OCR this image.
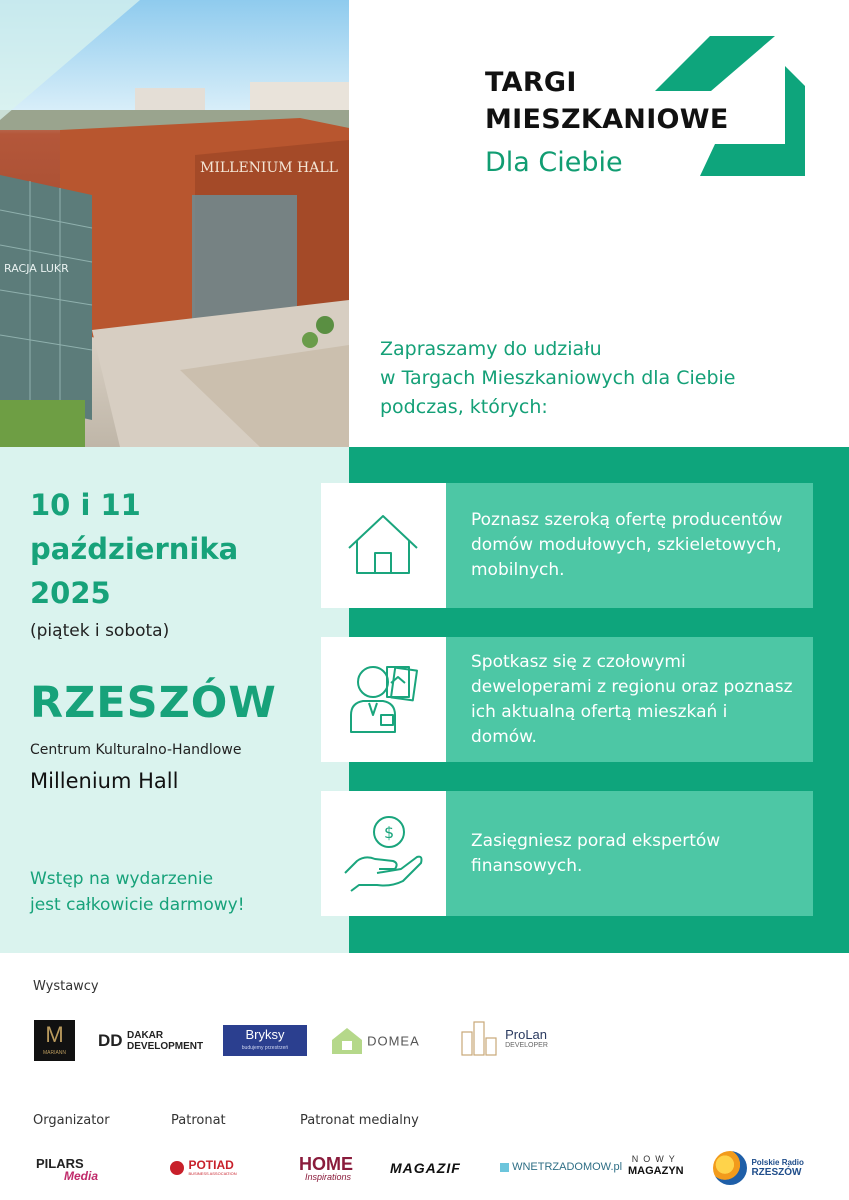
MILLENIUM HALL
RACJA LUKR
TARGI
MIESZKANIOWE
Dla Ciebie
Zapraszamy do udziału
w Targach Mieszkaniowych dla Ciebie
podczas, których:
10 i 11
października
2025
(piątek i sobota)
RZESZÓW
Centrum Kulturalno-Handlowe
Millenium Hall
Wstęp na wydarzenie
jest całkowicie darmowy!
Poznasz szeroką ofertę producentów domów modułowych, szkieletowych, mobilnych.
Spotkasz się z czołowymi deweloperami z regionu oraz poznasz ich aktualną ofertą mieszkań i domów.
$	Zasięgniesz porad ekspertów finansowych.
Wystawcy
M
MARIANN
DD DAKAR
DEVELOPMENT
Bryksy
budujemy przestrzeń	DOMEA
	ProLan
DEVELOPER
Organizator	Patronat	Patronat medialny
PILARS
Media

POTIAD
BUSINESS ASSOCIATION	HOME
Inspirations
MAGAZIF	WNETRZADOMOW.pl
NOWY
MAGAZYN

Polskie Radio
RZESZÓW
